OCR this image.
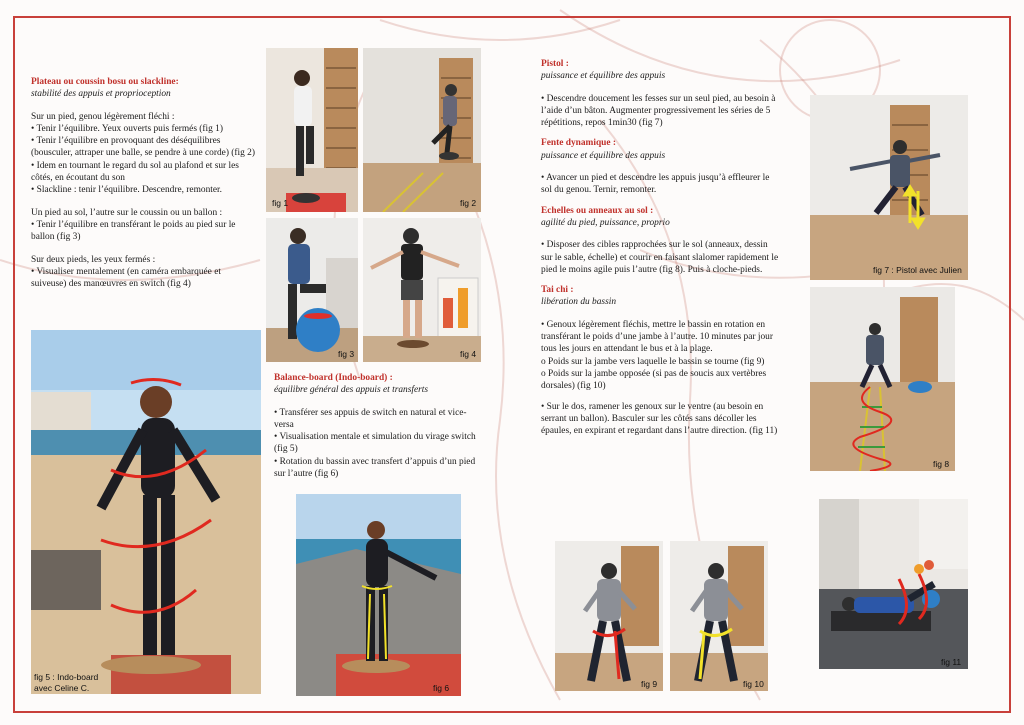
Plateau ou coussin bosu ou slackline:
stabilité des appuis et proprioception
Sur un pied, genou légèrement fléchi :
• Tenir l’équilibre. Yeux ouverts puis fermés (fig 1)
• Tenir l’équilibre en provoquant des déséquilibres (bousculer, attraper une balle, se pendre à une corde) (fig 2)
• Idem en tournant le regard du sol au plafond et sur les côtés, en écoutant du son
• Slackline : tenir l’équilibre. Descendre, remonter.
Un pied au sol, l’autre sur le coussin ou un ballon :
• Tenir l’équilibre en transférant le poids au pied sur le ballon (fig 3)
Sur deux pieds, les yeux fermés :
• Visualiser mentalement (en caméra embarquée et suiveuse) des manœuvres en switch (fig 4)
fig 1	fig 2
fig 3	fig 4
fig 5 : Indo-board
avec Celine C.
Balance-board (Indo-board) :
équilibre général des appuis et transferts
• Transférer ses appuis de switch en natural et vice-versa
• Visualisation mentale et simulation du virage switch (fig 5)
• Rotation du bassin avec transfert d’appuis d’un pied sur l’autre (fig 6)
fig 6
Pistol :
puissance et équilibre des appuis

• Descendre doucement les fesses sur un seul pied, au besoin à l’aide d’un bâton. Augmenter progressivement les séries de 5 répétitions, repos 1min30 (fig 7)

Fente dynamique :
puissance et équilibre des appuis

• Avancer un pied et descendre les appuis jusqu’à effleurer le sol du genou. Ternir, remonter.

Echelles ou anneaux au sol :
agilité du pied, puissance, proprio

• Disposer des cibles rapprochées sur le sol (anneaux, dessin sur le sable, échelle) et courir en faisant slalomer rapidement le pied le moins agile puis l’autre (fig 8). Puis à cloche-pieds.

Tai chi :
libération du bassin
• Genoux légèrement fléchis, mettre le bassin en rotation en transférant le poids d’une jambe à l’autre. 10 minutes par jour tous les jours en attendant le bus et à la plage.
o Poids sur la jambe vers laquelle le bassin se tourne (fig 9)
o Poids sur la jambe opposée (si pas de soucis aux vertèbres dorsales) (fig 10)
• Sur le dos, ramener les genoux sur le ventre (au besoin en serrant un ballon). Basculer sur les côtés sans décoller les épaules, en expirant et regardant dans l’autre direction. (fig 11)
fig 7 : Pistol avec Julien
fig 8
fig 9	fig 10
fig 11
